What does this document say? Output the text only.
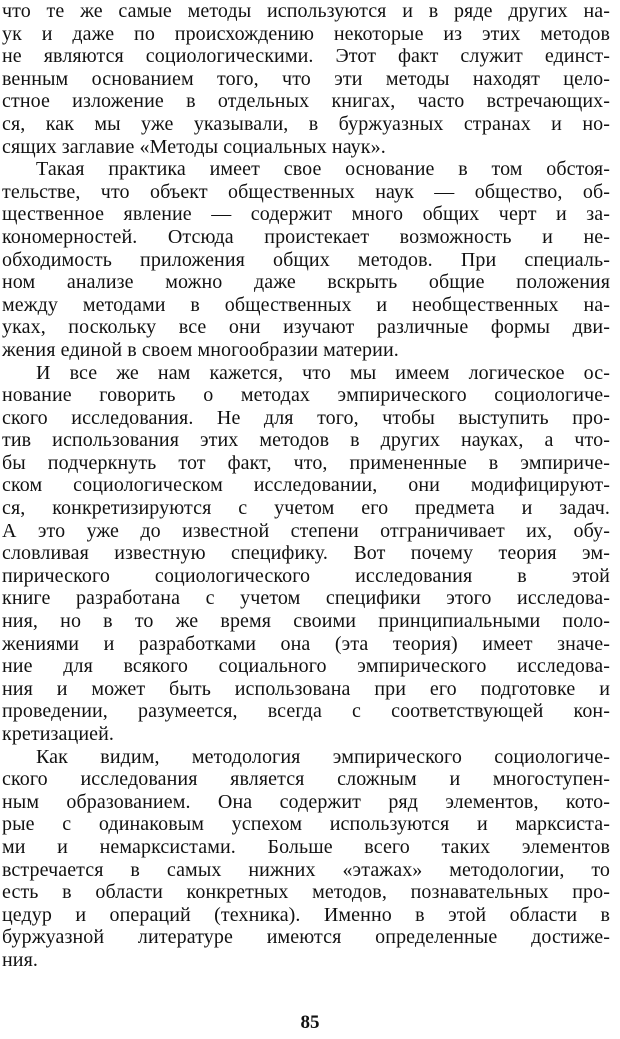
что те же самые методы используются и в ряде других на-
ук и даже по происхождению некоторые из этих методов
не являются социологическими. Этот факт служит единст-
венным основанием того, что эти методы находят цело-
стное изложение в отдельных книгах, часто встречающих-
ся, как мы уже указывали, в буржуазных странах и но-
сящих заглавие «Методы социальных наук».
Такая практика имеет свое основание в том обстоя-
тельстве, что объект общественных наук — общество, об-
щественное явление — содержит много общих черт и за-
кономерностей. Отсюда проистекает возможность и не-
обходимость приложения общих методов. При специаль-
ном анализе можно даже вскрыть общие положения
между методами в общественных и необщественных на-
уках, поскольку все они изучают различные формы дви-
жения единой в своем многообразии материи.
И все же нам кажется, что мы имеем логическое ос-
нование говорить о методах эмпирического социологиче-
ского исследования. Не для того, чтобы выступить про-
тив использования этих методов в других науках, а что-
бы подчеркнуть тот факт, что, примененные в эмпириче-
ском социологическом исследовании, они модифицируют-
ся, конкретизируются с учетом его предмета и задач.
А это уже до известной степени отграничивает их, обу-
словливая известную специфику. Вот почему теория эм-
пирического социологического исследования в этой
книге разработана с учетом специфики этого исследова-
ния, но в то же время своими принципиальными поло-
жениями и разработками она (эта теория) имеет значе-
ние для всякого социального эмпирического исследова-
ния и может быть использована при его подготовке и
проведении, разумеется, всегда с соответствующей кон-
кретизацией.
Как видим, методология эмпирического социологиче-
ского исследования является сложным и многоступен-
ным образованием. Она содержит ряд элементов, кото-
рые с одинаковым успехом используются и марксиста-
ми и немарксистами. Больше всего таких элементов
встречается в самых нижних «этажах» методологии, то
есть в области конкретных методов, познавательных про-
цедур и операций (техника). Именно в этой области в
буржуазной литературе имеются определенные достиже-
ния.
85
